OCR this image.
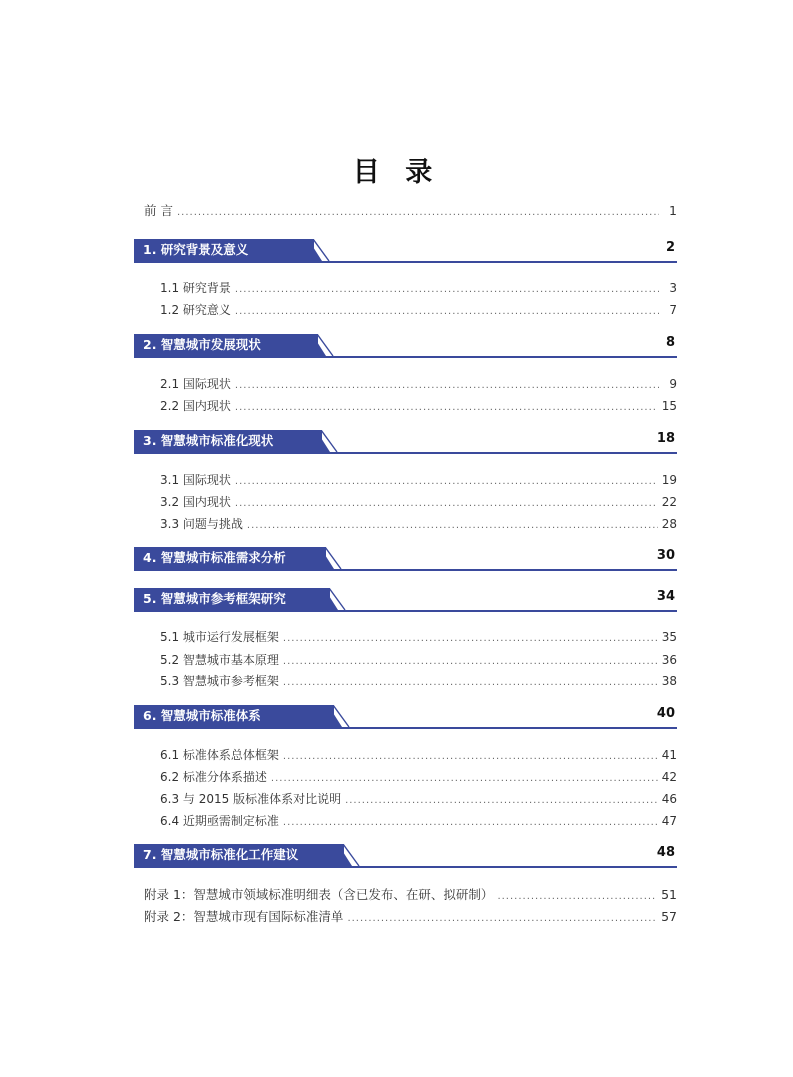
目 录
前 言 .....	1
1. 研究背景及意义	2
1.1 研究背景 .....	3
1.2 研究意义 .....	7
2. 智慧城市发展现状	8
2.1 国际现状 .....	9
2.2 国内现状 .....	15
3. 智慧城市标准化现状	18
3.1 国际现状 .....	19
3.2 国内现状 .....	22
3.3 问题与挑战 .....	28
4. 智慧城市标准需求分析	30
5. 智慧城市参考框架研究	34
5.1 城市运行发展框架 .....	35
5.2 智慧城市基本原理 .....	36
5.3 智慧城市参考框架 .....	38
6. 智慧城市标准体系	40
6.1 标准体系总体框架 .....	41
6.2 标准分体系描述 .....	42
6.3 与 2015 版标准体系对比说明 .....	46
6.4 近期亟需制定标准 .....	47
7. 智慧城市标准化工作建议	48
附录 1：智慧城市领域标准明细表（含已发布、在研、拟研制） .....	51
附录 2：智慧城市现有国际标准清单 .....	57
